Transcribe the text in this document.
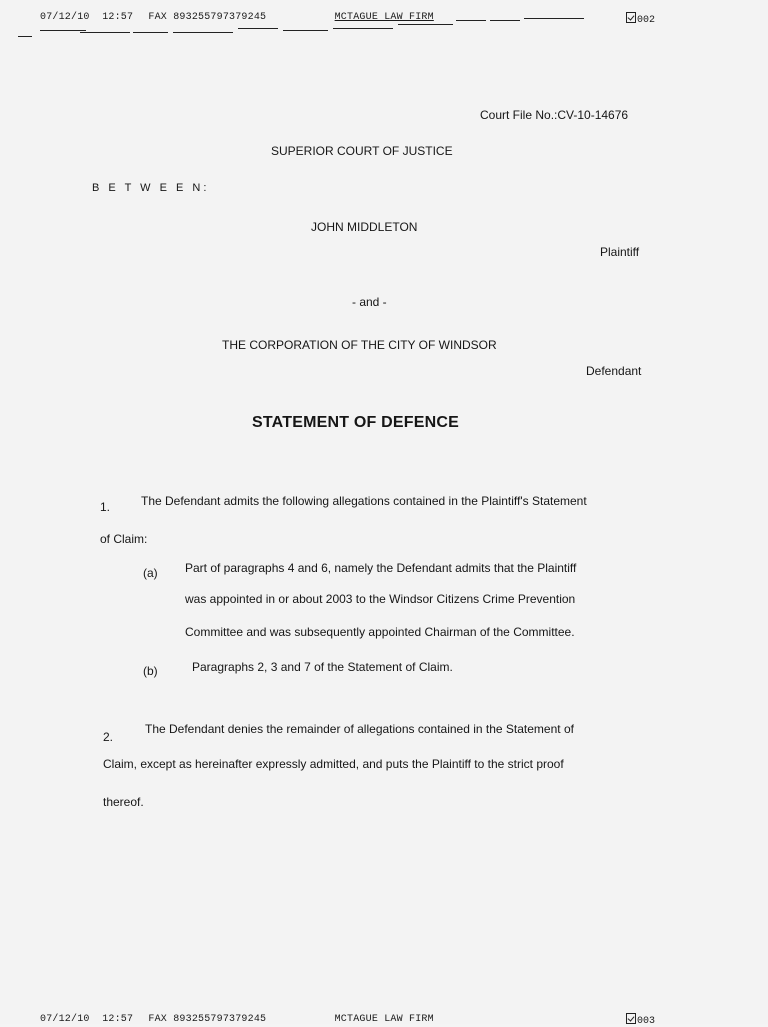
07/12/10 12:57 FAX 893255797379245	MCTAGUE LAW FIRM	002
Court File No.:CV-10-14676
SUPERIOR COURT OF JUSTICE
B E T W E E N:
JOHN MIDDLETON
Plaintiff
- and -
THE CORPORATION OF THE CITY OF WINDSOR
Defendant
STATEMENT OF DEFENCE
1.	The Defendant admits the following allegations contained in the Plaintiff's Statement
of Claim:
(a) Part of paragraphs 4 and 6, namely the Defendant admits that the Plaintiff
was appointed in or about 2003 to the Windsor Citizens Crime Prevention
Committee and was subsequently appointed Chairman of the Committee.
(b)	Paragraphs 2, 3 and 7 of the Statement of Claim.
2.
The Defendant denies the remainder of allegations contained in the Statement of
Claim, except as hereinafter expressly admitted, and puts the Plaintiff to the strict proof
thereof.
07/12/10 12:57 FAX 893255797379245	MCTAGUE LAW FIRM	003
